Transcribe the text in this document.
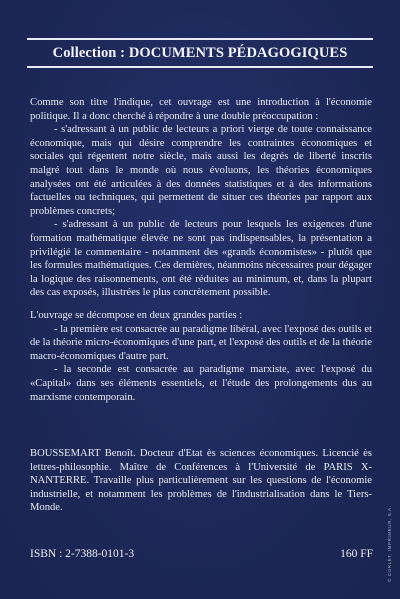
Collection : DOCUMENTS PÉDAGOGIQUES

Comme son titre l'indique, cet ouvrage est une introduction à l'économie politique. Il a donc cherché à répondre à une double préoccupation :

- s'adressant à un public de lecteurs a priori vierge de toute connaissance économique, mais qui désire comprendre les contraintes économiques et sociales qui régentent notre siècle, mais aussi les degrés de liberté inscrits malgré tout dans le monde où nous évoluons, les théories économiques analysées ont été articulées à des données statistiques et à des informations factuelles ou techniques, qui permettent de situer ces théories par rapport aux problèmes concrets;

- s'adressant à un public de lecteurs pour lesquels les exigences d'une formation mathématique élevée ne sont pas indispensables, la présentation a privilégié le commentaire - notamment des «grands économistes» - plutôt que les formules mathématiques. Ces dernières, néanmoins nécessaires pour dégager la logique des raisonnements, ont été réduites au minimum, et, dans la plupart des cas exposés, illustrées le plus concrètement possible.

L'ouvrage se décompose en deux grandes parties :

- la première est consacrée au paradigme libéral, avec l'exposé des outils et de la théorie micro-économiques d'une part, et l'exposé des outils et de la théorie macro-économiques d'autre part.

- la seconde est consacrée au paradigme marxiste, avec l'exposé du «Capital» dans ses éléments essentiels, et l'étude des prolongements dus au marxisme contemporain.

BOUSSEMART Benoît. Docteur d'Etat ès sciences économiques. Licencié ès lettres-philosophie. Maître de Conférences à l'Université de PARIS X-NANTERRE. Travaille plus particulièrement sur les questions de l'économie industrielle, et notamment les problèmes de l'industrialisation dans le Tiers-Monde.

ISBN : 2-7388-0101-3	160 FF	© CORLET, IMPRIMEUR, S.A.
